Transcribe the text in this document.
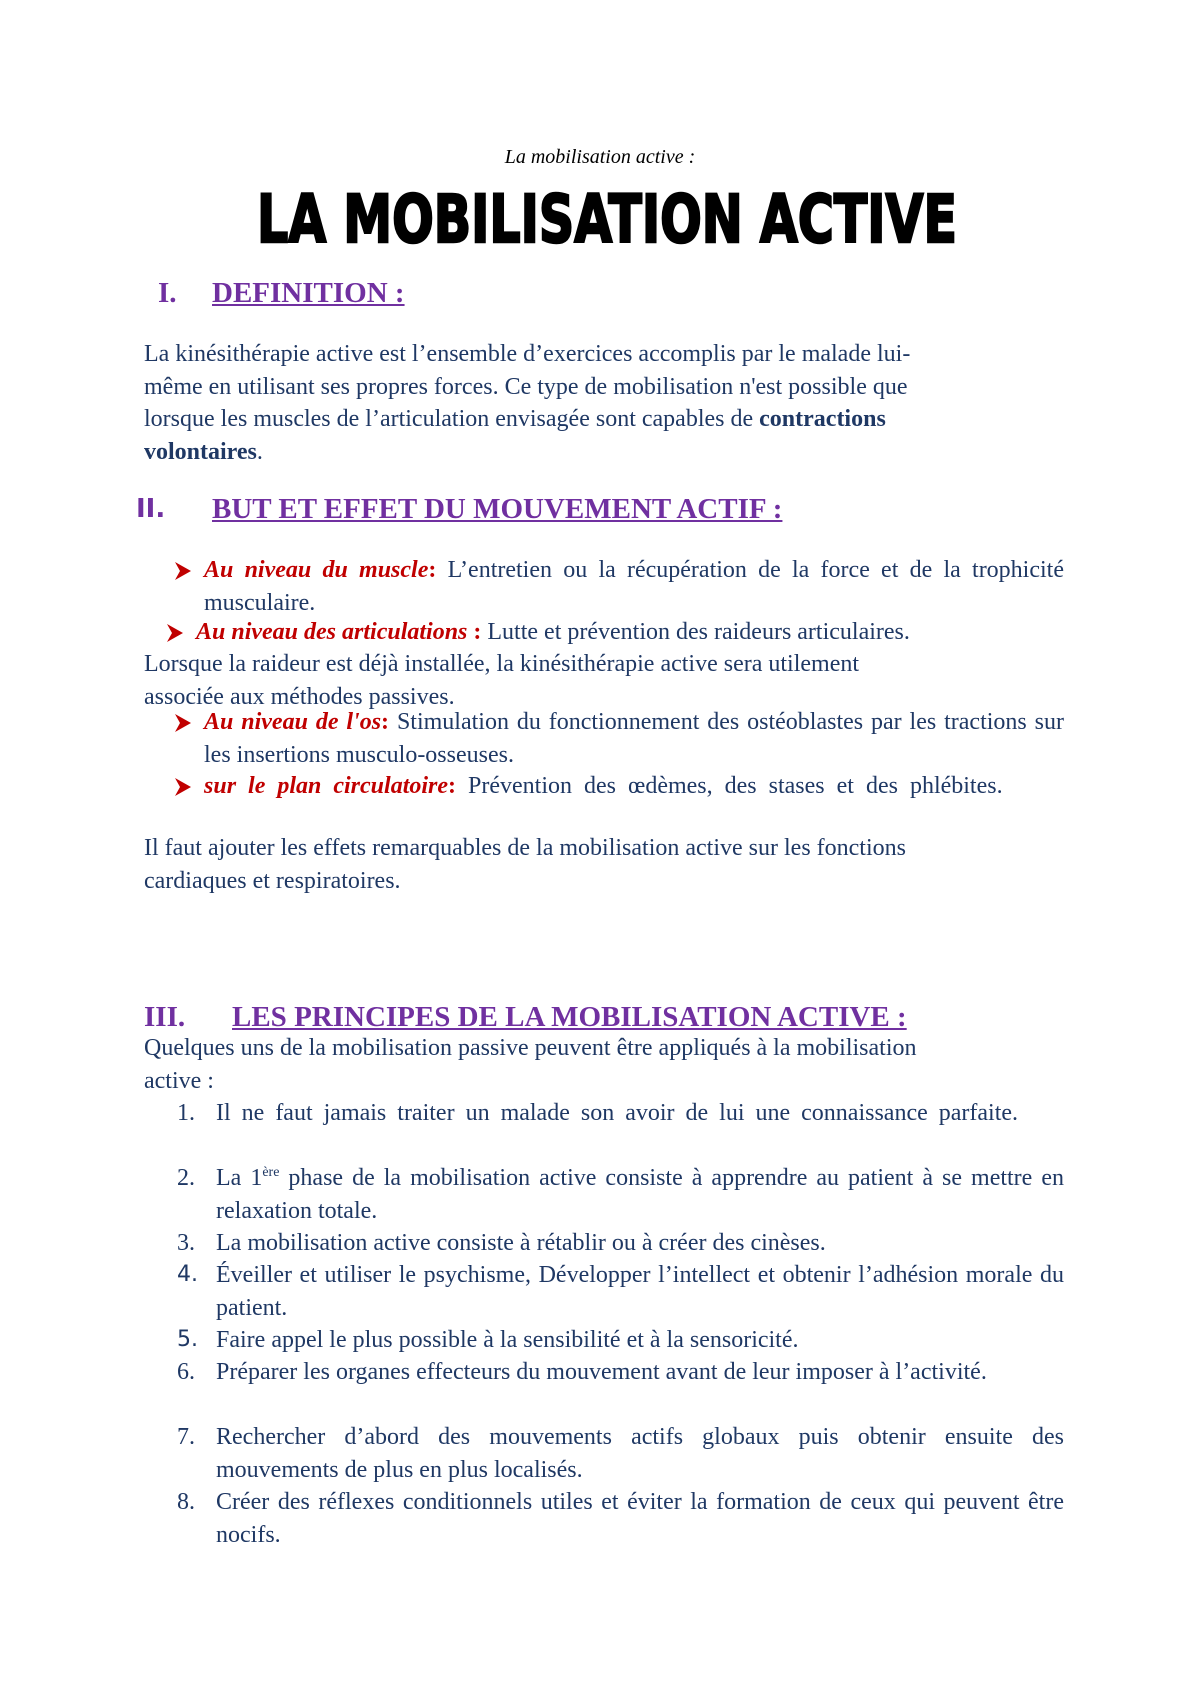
La mobilisation active :
LA MOBILISATION ACTIVE
I. DEFINITION :
La kinésithérapie active est l’ensemble d’exercices accomplis par le malade lui-
même en utilisant ses propres forces. Ce type de mobilisation n'est possible que
lorsque les muscles de l’articulation envisagée sont capables de contractions
volontaires.
II. BUT ET EFFET DU MOUVEMENT ACTIF :
Au niveau du muscle: L’entretien ou la récupération de la force et de la trophicité musculaire.
Au niveau des articulations : Lutte et prévention des raideurs articulaires.
Lorsque la raideur est déjà installée, la kinésithérapie active sera utilement
associée aux méthodes passives.
Au niveau de l'os: Stimulation du fonctionnement des ostéoblastes par les tractions sur les insertions musculo-osseuses.
sur le plan circulatoire: Prévention des œdèmes, des stases et des phlébites.
Il faut ajouter les effets remarquables de la mobilisation active sur les fonctions
cardiaques et respiratoires.
III. LES PRINCIPES DE LA MOBILISATION ACTIVE :
Quelques uns de la mobilisation passive peuvent être appliqués à la mobilisation
active :
1. Il ne faut jamais traiter un malade son avoir de lui une connaissance parfaite.
2. La 1ère phase de la mobilisation active consiste à apprendre au patient à se mettre en relaxation totale.
3. La mobilisation active consiste à rétablir ou à créer des cinèses.
4. Éveiller et utiliser le psychisme, Développer l’intellect et obtenir l’adhésion morale du patient.
5. Faire appel le plus possible à la sensibilité et à la sensoricité.
6. Préparer les organes effecteurs du mouvement avant de leur imposer à l’activité.
7. Rechercher d’abord des mouvements actifs globaux puis obtenir ensuite des mouvements de plus en plus localisés.
8. Créer des réflexes conditionnels utiles et éviter la formation de ceux qui peuvent être nocifs.
